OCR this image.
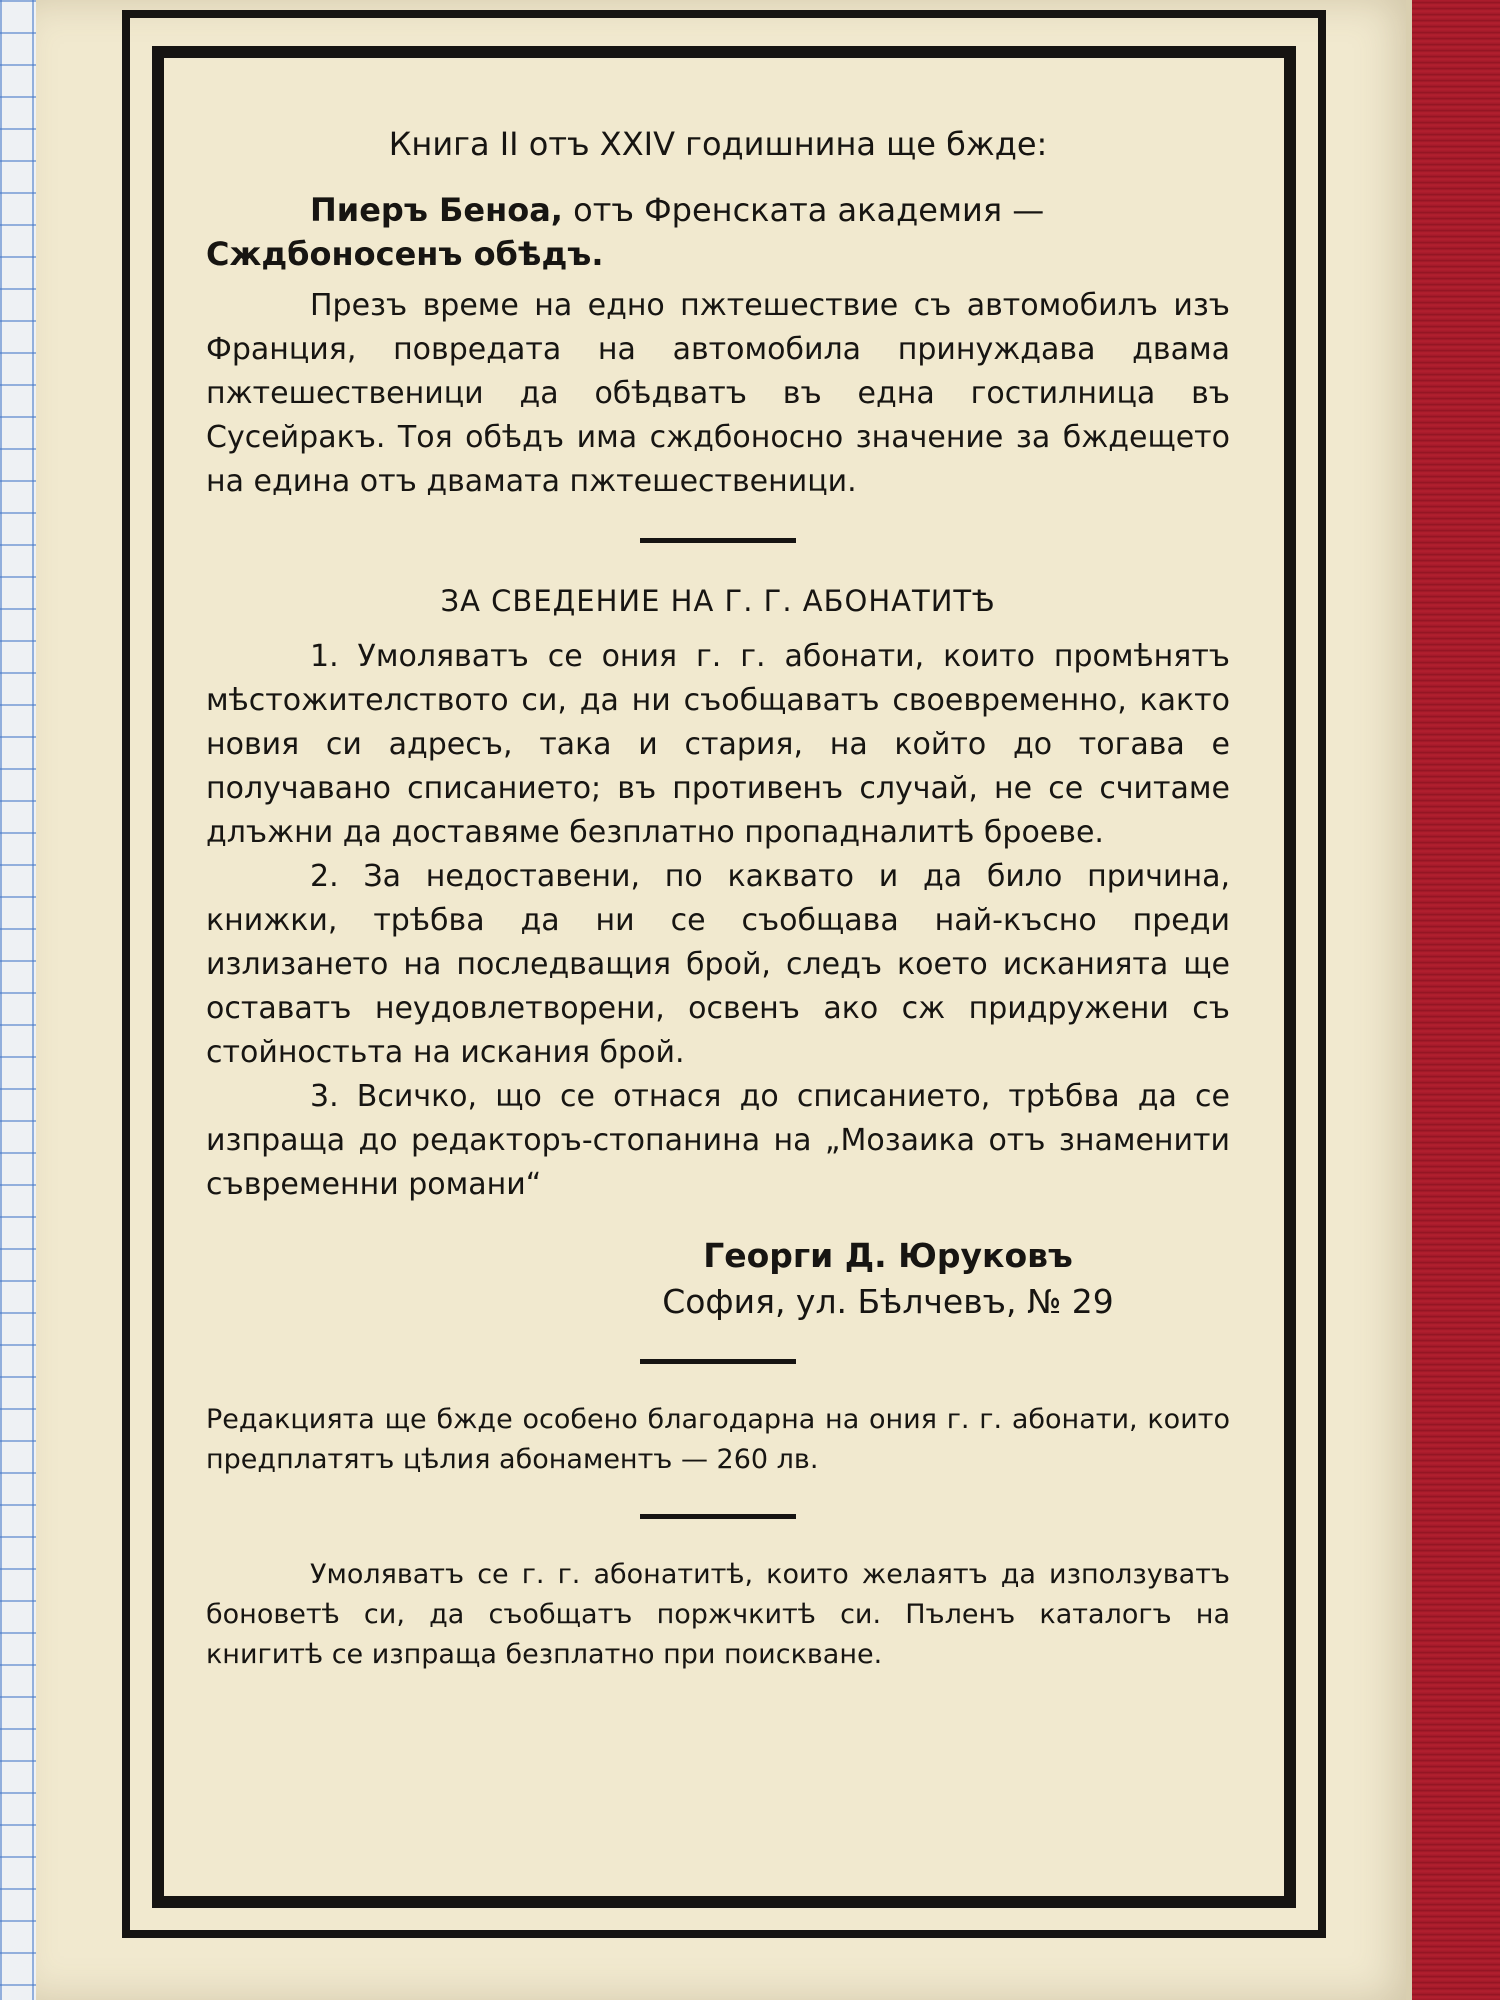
Книга II отъ XXIV годишнина ще бжде:

Пиеръ Беноа, отъ Френската академия —

Сждбоносенъ обѣдъ.

Презъ време на едно пжтешествие съ автомобилъ изъ Франция, повредата на автомобила принуждава двама пжтешественици да обѣдватъ въ една гостилница въ Сусейракъ. Тоя обѣдъ има сждбоносно значение за бждещето на единa отъ двамата пжтешественици.

ЗА СВЕДЕНИЕ НА Г. Г. АБОНАТИТѢ

1. Умоляватъ се ония г. г. абонати, които промѣнятъ мѣстожителството си, да ни съобщаватъ своевременно, както новия си адресъ, така и стария, на който до тогава е получавано списанието; въ противенъ случай, не се считаме длъжни да доставяме безплатно пропадналитѣ броеве.

2. За недоставени, по каквато и да било причина, книжки, трѣбва да ни се съобщава най-късно преди излизането на последващия брой, следъ което исканията ще оставатъ неудовлетворени, освенъ ако сж придружени съ стойностьта на искания брой.

3. Всичко, що се отнася до списанието, трѣбва да се изпраща до редакторъ-стопанина на „Мозаика отъ знаменити съвременни романи“

Георги Д. Юруковъ
София, ул. Бѣлчевъ, № 29

Редакцията ще бжде особено благодарна на ония г. г. абонати, които предплатятъ цѣлия абонаментъ — 260 лв.

Умоляватъ се г. г. абонатитѣ, които желаятъ да използуватъ боноветѣ си, да съобщатъ поржчкитѣ си. Пъленъ каталогъ на книгитѣ се изпраща безплатно при поискване.
